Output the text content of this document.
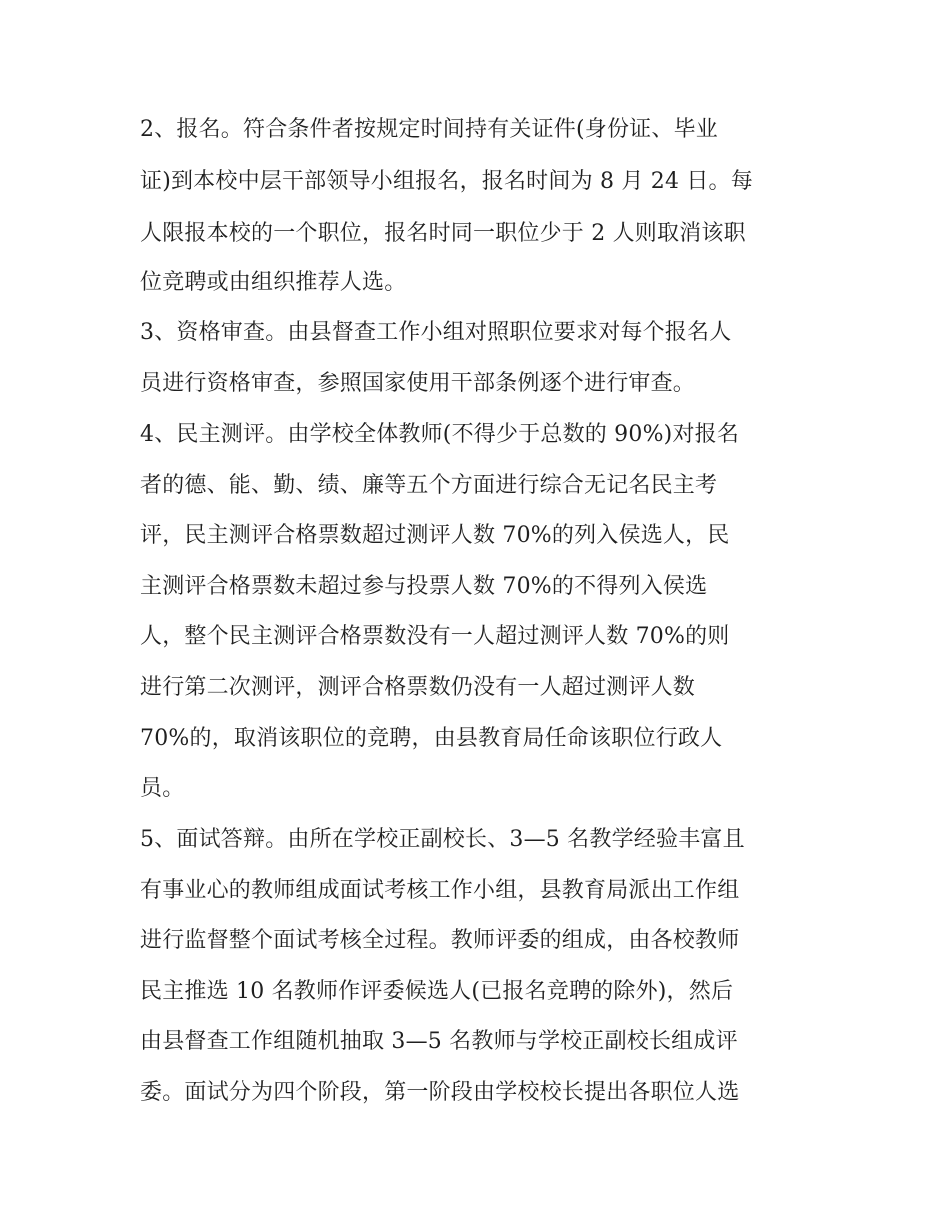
2、报名。符合条件者按规定时间持有关证件(身份证、毕业
证)到本校中层干部领导小组报名，报名时间为 8 月 24 日。每
人限报本校的一个职位，报名时同一职位少于 2 人则取消该职
位竞聘或由组织推荐人选。
3、资格审查。由县督查工作小组对照职位要求对每个报名人
员进行资格审查，参照国家使用干部条例逐个进行审查。
4、民主测评。由学校全体教师(不得少于总数的 90%)对报名
者的德、能、勤、绩、廉等五个方面进行综合无记名民主考
评，民主测评合格票数超过测评人数 70%的列入侯选人，民
主测评合格票数未超过参与投票人数 70%的不得列入侯选
人，整个民主测评合格票数没有一人超过测评人数 70%的则
进行第二次测评，测评合格票数仍没有一人超过测评人数
70%的，取消该职位的竞聘，由县教育局任命该职位行政人
员。
5、面试答辩。由所在学校正副校长、3—5 名教学经验丰富且
有事业心的教师组成面试考核工作小组，县教育局派出工作组
进行监督整个面试考核全过程。教师评委的组成，由各校教师
民主推选 10 名教师作评委候选人(已报名竞聘的除外)，然后
由县督查工作组随机抽取 3—5 名教师与学校正副校长组成评
委。面试分为四个阶段，第一阶段由学校校长提出各职位人选
